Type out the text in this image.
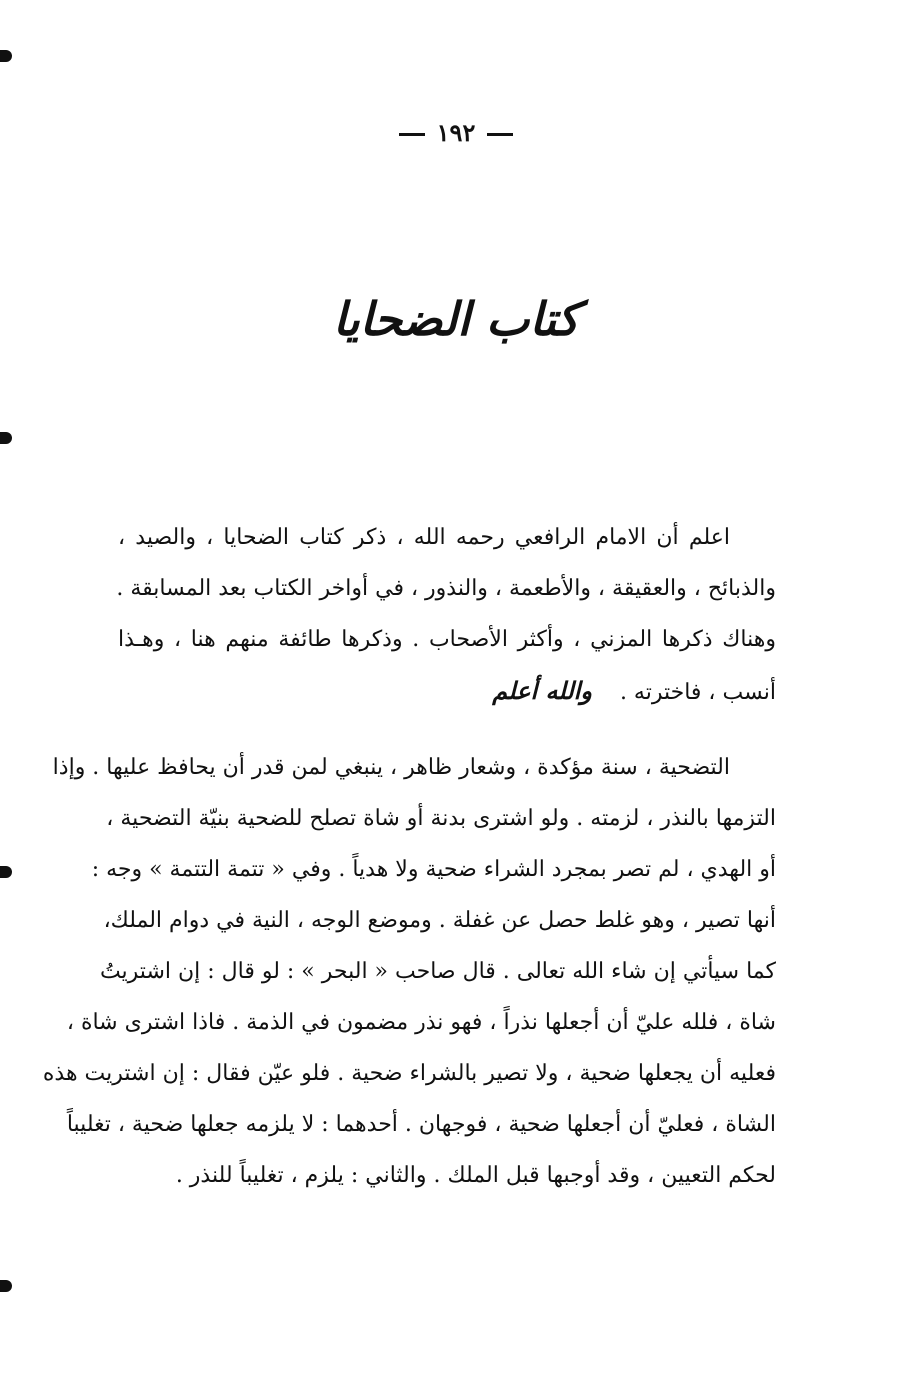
١٩٢
كتاب الضحايا
اعلم أن الامام الرافعي رحمه الله ، ذكر كتاب الضحايا ، والصيد ،
والذبائح ، والعقيقة ، والأطعمة ، والنذور ، في أواخر الكتاب بعد المسابقة .
وهناك ذكرها المزني ، وأكثر الأصحاب . وذكرها طائفة منهم هنا ، وهـذا
أنسب ، فاخترته .والله أعلم
التضحية ، سنة مؤكدة ، وشعار ظاهر ، ينبغي لمن قدر أن يحافظ عليها . وإذا
التزمها بالنذر ، لزمته . ولو اشترى بدنة أو شاة تصلح للضحية بنيّة التضحية ،
أو الهدي ، لم تصر بمجرد الشراء ضحية ولا هدياً . وفي « تتمة التتمة » وجه :
أنها تصير ، وهو غلط حصل عن غفلة . وموضع الوجه ، النية في دوام الملك،
كما سيأتي إن شاء الله تعالى . قال صاحب « البحر » : لو قال : إن اشتريتُ
شاة ، فلله عليّ أن أجعلها نذراً ، فهو نذر مضمون في الذمة . فاذا اشترى شاة ،
فعليه أن يجعلها ضحية ، ولا تصير بالشراء ضحية . فلو عيّن فقال : إن اشتريت هذه
الشاة ، فعليّ أن أجعلها ضحية ، فوجهان . أحدهما : لا يلزمه جعلها ضحية ، تغليباً
لحكم التعيين ، وقد أوجبها قبل الملك . والثاني : يلزم ، تغليباً للنذر .
